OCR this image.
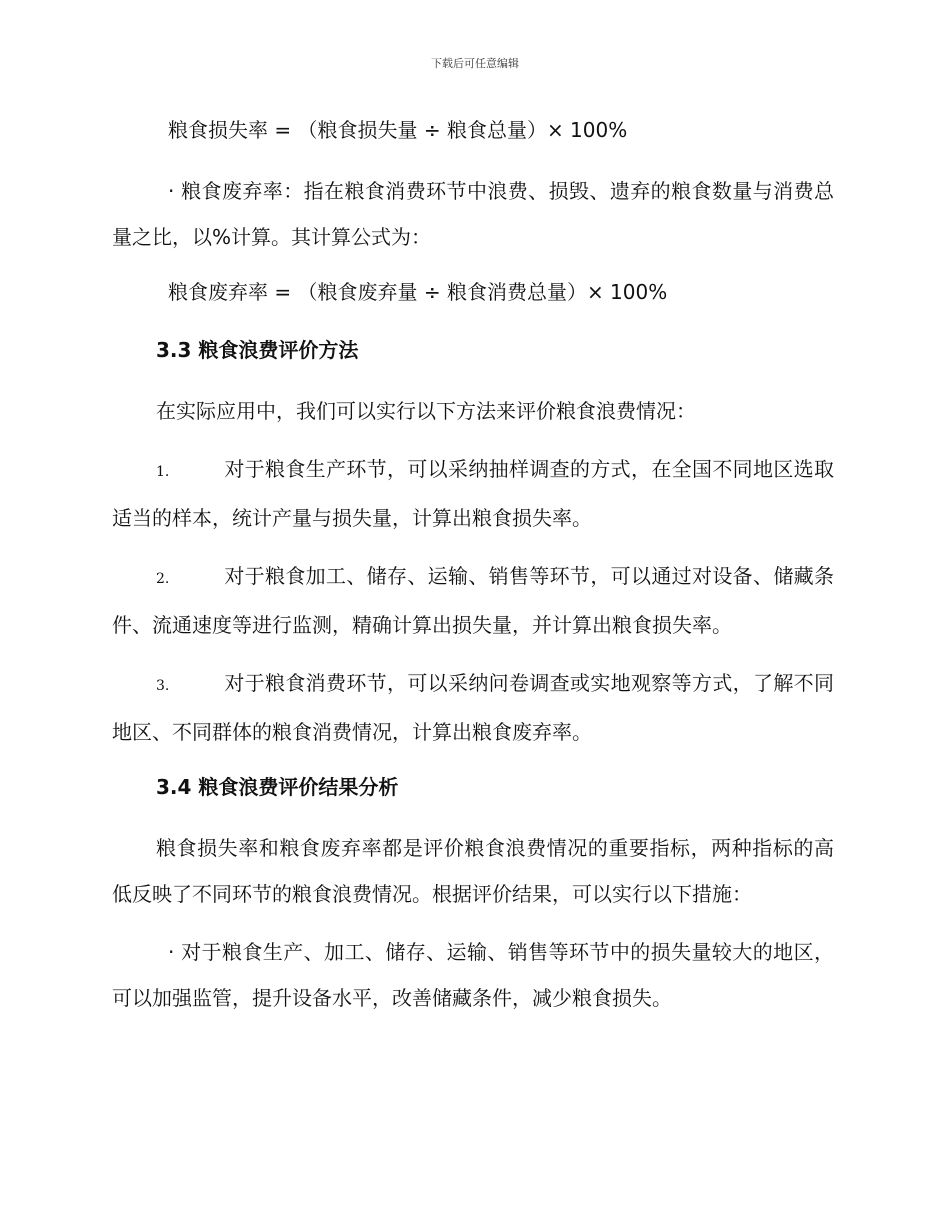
下载后可任意编辑
粮食损失率 = （粮食损失量 ÷ 粮食总量）× 100%

· 粮食废弃率：指在粮食消费环节中浪费、损毁、遗弃的粮食数量与消费总量之比，以%计算。其计算公式为：

粮食废弃率 = （粮食废弃量 ÷ 粮食消费总量）× 100%
3.3 粮食浪费评价方法

在实际应用中，我们可以实行以下方法来评价粮食浪费情况：

1.	对于粮食生产环节，可以采纳抽样调查的方式，在全国不同地区选取适当的样本，统计产量与损失量，计算出粮食损失率。

2.	对于粮食加工、储存、运输、销售等环节，可以通过对设备、储藏条件、流通速度等进行监测，精确计算出损失量，并计算出粮食损失率。

3.	对于粮食消费环节，可以采纳问卷调查或实地观察等方式，了解不同地区、不同群体的粮食消费情况，计算出粮食废弃率。

3.4 粮食浪费评价结果分析

粮食损失率和粮食废弃率都是评价粮食浪费情况的重要指标，两种指标的高低反映了不同环节的粮食浪费情况。根据评价结果，可以实行以下措施：

· 对于粮食生产、加工、储存、运输、销售等环节中的损失量较大的地区，可以加强监管，提升设备水平，改善储藏条件，减少粮食损失。
